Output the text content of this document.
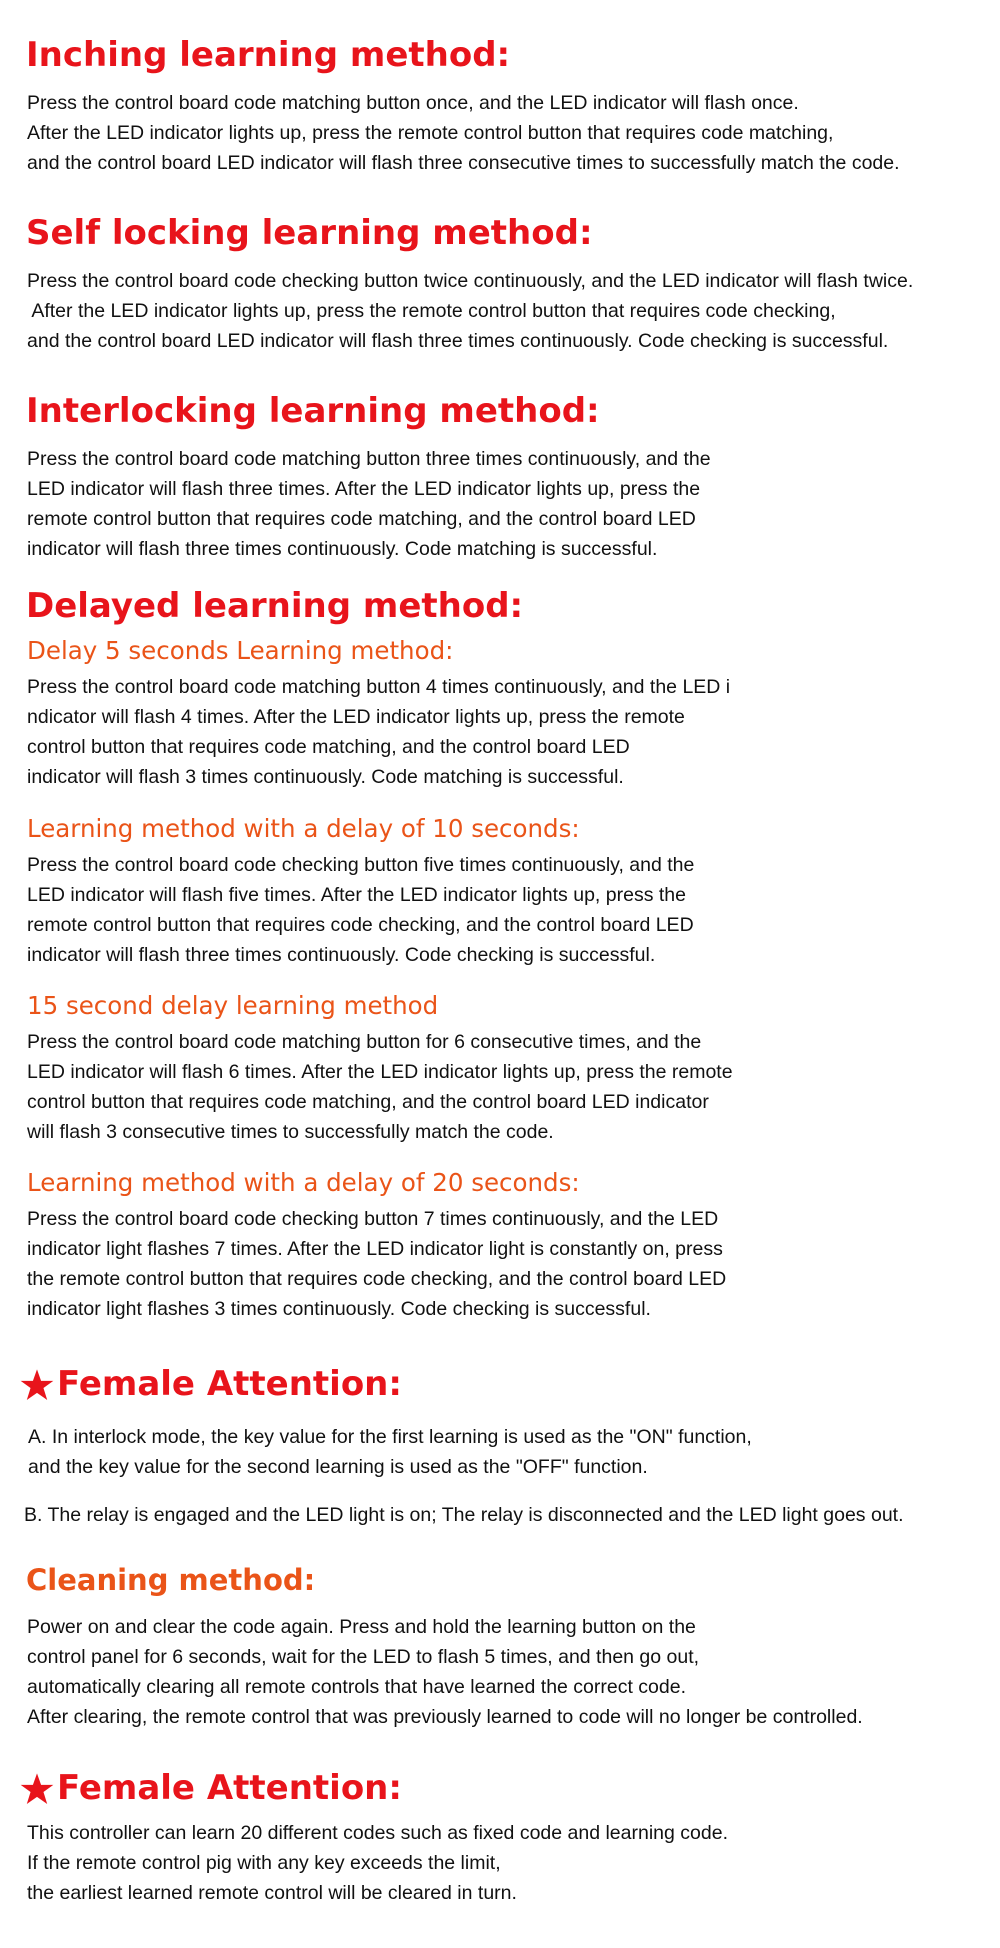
Inching learning method:

Press the control board code matching button once, and the LED indicator will flash once.
After the LED indicator lights up, press the remote control button that requires code matching,
and the control board LED indicator will flash three consecutive times to successfully match the code.

Self locking learning method:

Press the control board code checking button twice continuously, and the LED indicator will flash twice.
After the LED indicator lights up, press the remote control button that requires code checking,
and the control board LED indicator will flash three times continuously. Code checking is successful.

Interlocking learning method:

Press the control board code matching button three times continuously, and the
LED indicator will flash three times. After the LED indicator lights up, press the
remote control button that requires code matching, and the control board LED
indicator will flash three times continuously. Code matching is successful.

Delayed learning method:
Delay 5 seconds Learning method:

Press the control board code matching button 4 times continuously, and the LED i
ndicator will flash 4 times. After the LED indicator lights up, press the remote
control button that requires code matching, and the control board LED
indicator will flash 3 times continuously. Code matching is successful.

Learning method with a delay of 10 seconds:

Press the control board code checking button five times continuously, and the
LED indicator will flash five times. After the LED indicator lights up, press the
remote control button that requires code checking, and the control board LED
indicator will flash three times continuously. Code checking is successful.

15 second delay learning method

Press the control board code matching button for 6 consecutive times, and the
LED indicator will flash 6 times. After the LED indicator lights up, press the remote
control button that requires code matching, and the control board LED indicator
will flash 3 consecutive times to successfully match the code.

Learning method with a delay of 20 seconds:

Press the control board code checking button 7 times continuously, and the LED
indicator light flashes 7 times. After the LED indicator light is constantly on, press
the remote control button that requires code checking, and the control board LED
indicator light flashes 3 times continuously. Code checking is successful.

Female Attention:

A. In interlock mode, the key value for the first learning is used as the "ON" function,
and the key value for the second learning is used as the "OFF" function.

B. The relay is engaged and the LED light is on; The relay is disconnected and the LED light goes out.

Cleaning method:

Power on and clear the code again. Press and hold the learning button on the
control panel for 6 seconds, wait for the LED to flash 5 times, and then go out,
automatically clearing all remote controls that have learned the correct code.
After clearing, the remote control that was previously learned to code will no longer be controlled.

Female Attention:

This controller can learn 20 different codes such as fixed code and learning code.
If the remote control pig with any key exceeds the limit,
the earliest learned remote control will be cleared in turn.
